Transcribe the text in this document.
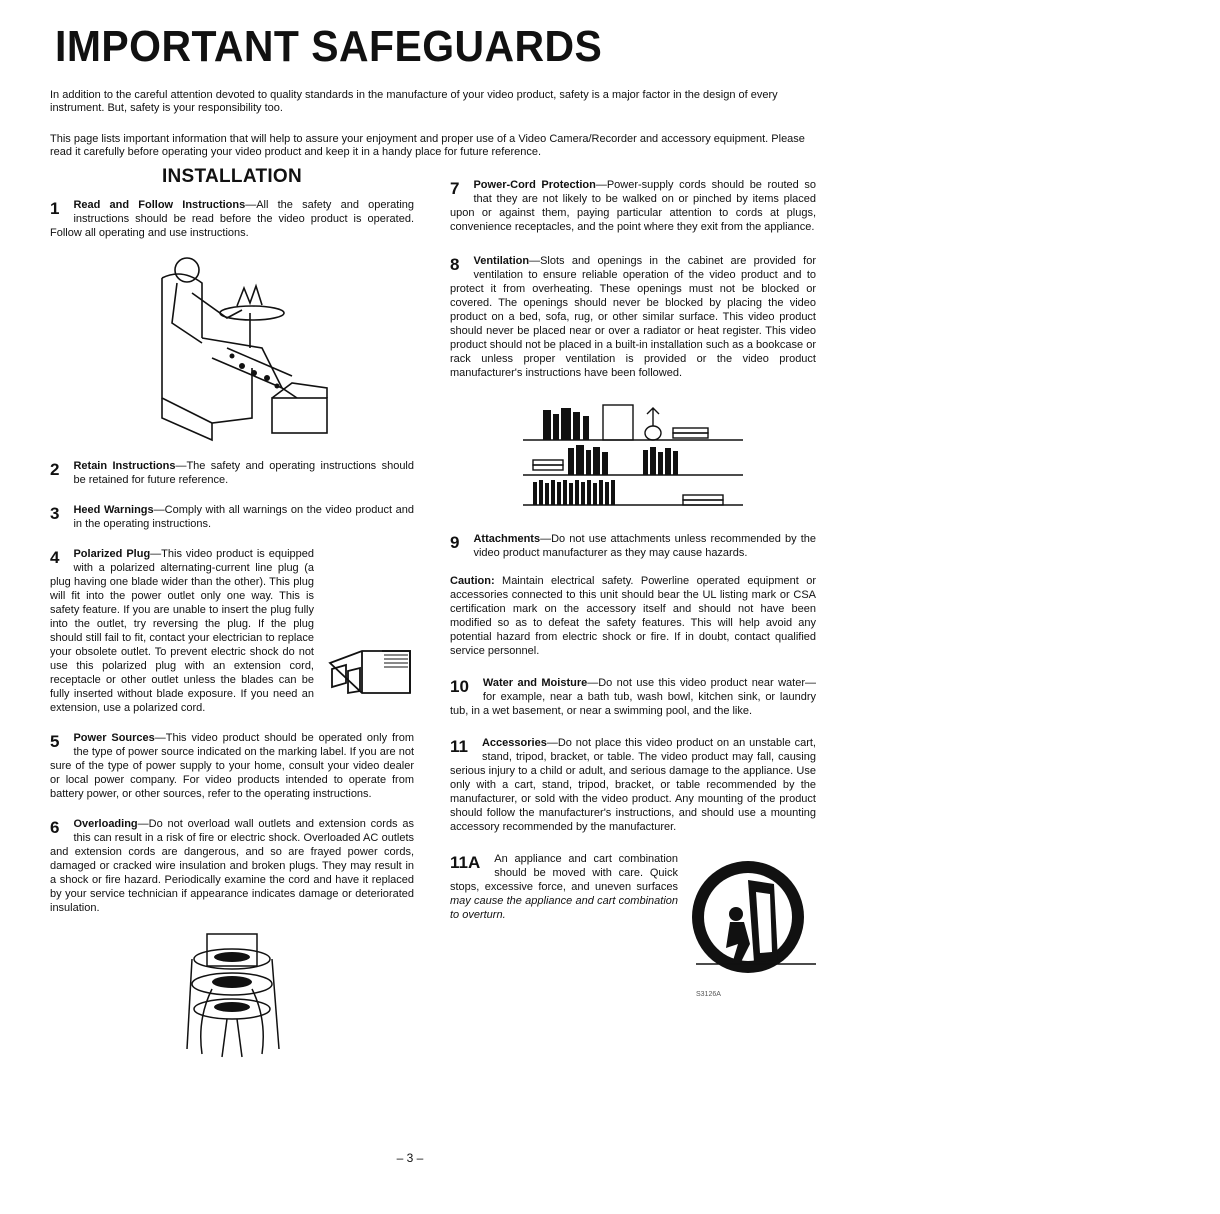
IMPORTANT SAFEGUARDS

In addition to the careful attention devoted to quality standards in the manufacture of your video product, safety is a major factor in the design of every instrument. But, safety is your responsibility too.

This page lists important information that will help to assure your enjoyment and proper use of a Video Camera/Recorder and accessory equipment. Please read it carefully before operating your video product and keep it in a handy place for future reference.

INSTALLATION
1 Read and Follow Instructions—All the safety and operating instructions should be read before the video product is operated. Follow all operating and use instructions.
2 Retain Instructions—The safety and operating instructions should be retained for future reference.
3 Heed Warnings—Comply with all warnings on the video product and in the operating instructions.
4 Polarized Plug—This video product is equipped with a polarized alternating-current line plug (a plug having one blade wider than the other). This plug will fit into the power outlet only one way. This is safety feature. If you are unable to insert the plug fully into the outlet, try reversing the plug. If the plug should still fail to fit, contact your electrician to replace your obsolete outlet. To prevent electric shock do not use this polarized plug with an extension cord, receptacle or other outlet unless the blades can be fully inserted without blade exposure. If you need an extension, use a polarized cord.
5 Power Sources—This video product should be operated only from the type of power source indicated on the marking label. If you are not sure of the type of power supply to your home, consult your video dealer or local power company. For video products intended to operate from battery power, or other sources, refer to the operating instructions.
6 Overloading—Do not overload wall outlets and extension cords as this can result in a risk of fire or electric shock. Overloaded AC outlets and extension cords are dangerous, and so are frayed power cords, damaged or cracked wire insulation and broken plugs. They may result in a shock or fire hazard. Periodically examine the cord and have it replaced by your service technician if appearance indicates damage or deteriorated insulation.
7 Power-Cord Protection—Power-supply cords should be routed so that they are not likely to be walked on or pinched by items placed upon or against them, paying particular attention to cords at plugs, convenience receptacles, and the point where they exit from the appliance.
8 Ventilation—Slots and openings in the cabinet are provided for ventilation to ensure reliable operation of the video product and to protect it from overheating. These openings must not be blocked or covered. The openings should never be blocked by placing the video product on a bed, sofa, rug, or other similar surface. This video product should never be placed near or over a radiator or heat register. This video product should not be placed in a built-in installation such as a bookcase or rack unless proper ventilation is provided or the video product manufacturer's instructions have been followed.
9 Attachments—Do not use attachments unless recommended by the video product manufacturer as they may cause hazards.
Caution: Maintain electrical safety. Powerline operated equipment or accessories connected to this unit should bear the UL listing mark or CSA certification mark on the accessory itself and should not have been modified so as to defeat the safety features. This will help avoid any potential hazard from electric shock or fire. If in doubt, contact qualified service personnel.
10 Water and Moisture—Do not use this video product near water—for example, near a bath tub, wash bowl, kitchen sink, or laundry tub, in a wet basement, or near a swimming pool, and the like.
11 Accessories—Do not place this video product on an unstable cart, stand, tripod, bracket, or table. The video product may fall, causing serious injury to a child or adult, and serious damage to the appliance. Use only with a cart, stand, tripod, bracket, or table recommended by the manufacturer, or sold with the video product. Any mounting of the product should follow the manufacturer's instructions, and should use a mounting accessory recommended by the manufacturer.
S3126A
11A An appliance and cart combination should be moved with care. Quick stops, excessive force, and uneven surfaces may cause the appliance and cart combination to overturn.
– 3 –
